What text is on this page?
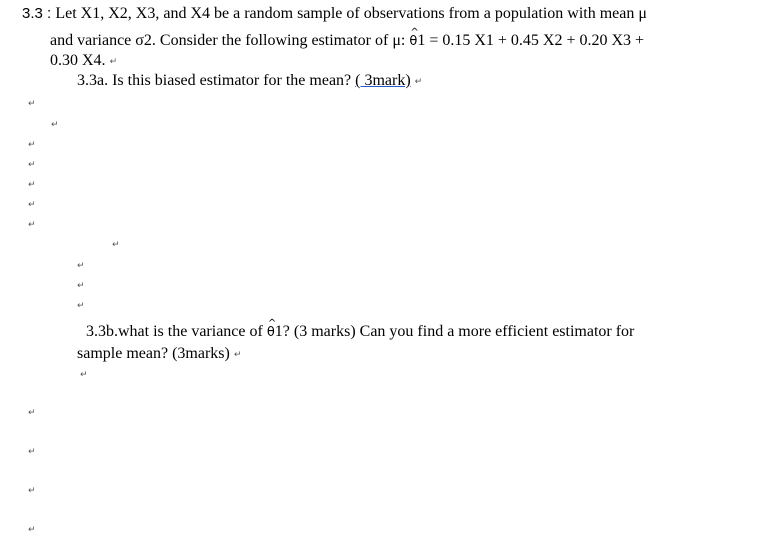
3.3 : Let X1, X2, X3, and X4 be a random sample of observ^ ations from a population with mean μ
and variance σ2. Consider the following estimator of μ: ^ θ1 = 0.15 X1 + 0.45 X2 + 0.20 X3 +
0.30 X4. ↵
3.3a. Is this biased estimator for the mean? ( 3mark) ↵
↵
↵
↵
↵
↵
↵
↵
↵
↵
↵
↵
3.3b.what is the variance of ^ θ1? (3 marks) Can you find a more efficient estimator for
sample mean? (3marks) ↵
↵
↵
↵
↵
↵
